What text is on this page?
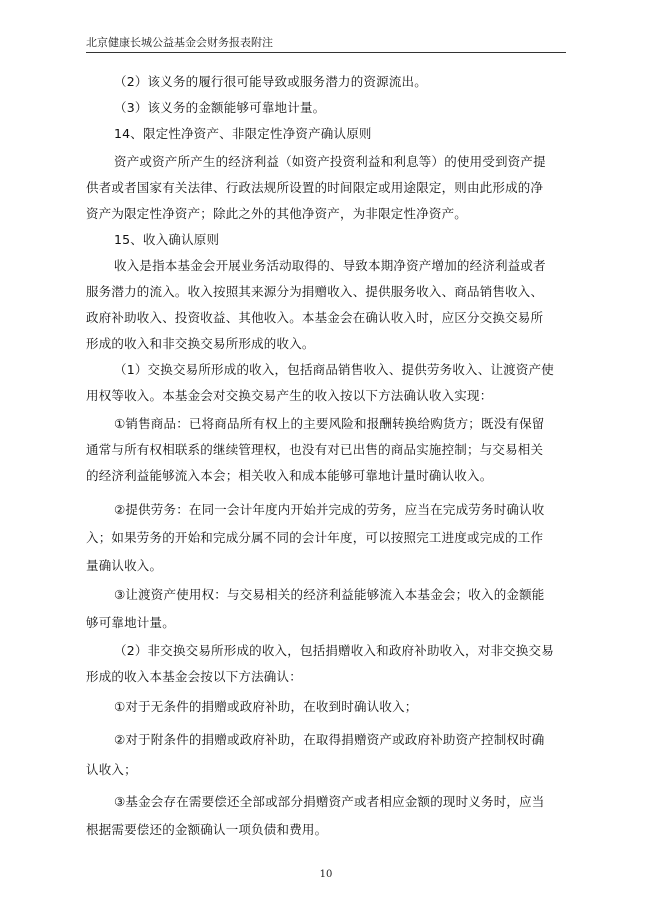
北京健康长城公益基金会财务报表附注
（2）该义务的履行很可能导致或服务潜力的资源流出。
（3）该义务的金额能够可靠地计量。
14、限定性净资产、非限定性净资产确认原则
资产或资产所产生的经济利益（如资产投资利益和利息等）的使用受到资产提
供者或者国家有关法律、行政法规所设置的时间限定或用途限定，则由此形成的净
资产为限定性净资产；除此之外的其他净资产，为非限定性净资产。
15、收入确认原则
收入是指本基金会开展业务活动取得的、导致本期净资产增加的经济利益或者
服务潜力的流入。收入按照其来源分为捐赠收入、提供服务收入、商品销售收入、
政府补助收入、投资收益、其他收入。本基金会在确认收入时，应区分交换交易所
形成的收入和非交换交易所形成的收入。
（1）交换交易所形成的收入，包括商品销售收入、提供劳务收入、让渡资产使
用权等收入。本基金会对交换交易产生的收入按以下方法确认收入实现：
①销售商品：已将商品所有权上的主要风险和报酬转换给购货方；既没有保留
通常与所有权相联系的继续管理权，也没有对已出售的商品实施控制；与交易相关
的经济利益能够流入本会；相关收入和成本能够可靠地计量时确认收入。
②提供劳务：在同一会计年度内开始并完成的劳务，应当在完成劳务时确认收
入；如果劳务的开始和完成分属不同的会计年度，可以按照完工进度或完成的工作
量确认收入。
③让渡资产使用权：与交易相关的经济利益能够流入本基金会；收入的金额能
够可靠地计量。
（2）非交换交易所形成的收入，包括捐赠收入和政府补助收入，对非交换交易
形成的收入本基金会按以下方法确认：
①对于无条件的捐赠或政府补助，在收到时确认收入；
②对于附条件的捐赠或政府补助，在取得捐赠资产或政府补助资产控制权时确
认收入；
③基金会存在需要偿还全部或部分捐赠资产或者相应金额的现时义务时，应当
根据需要偿还的金额确认一项负债和费用。
10
